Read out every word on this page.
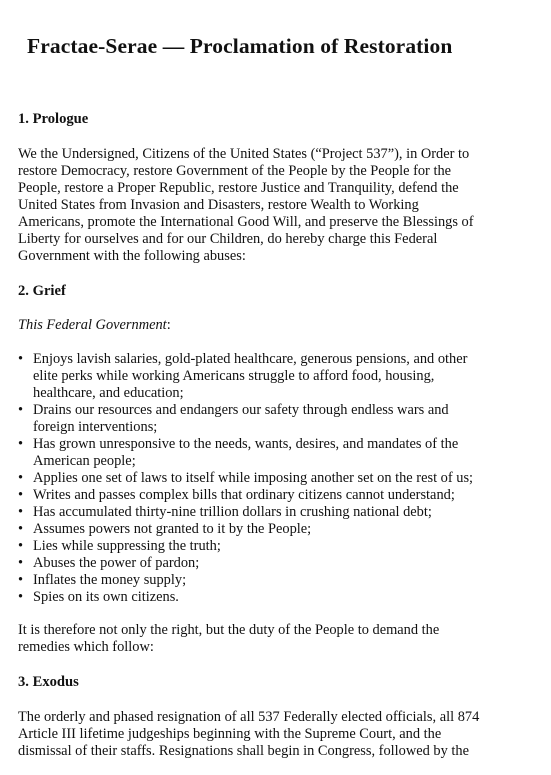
Fractae-Serae — Proclamation of Restoration
1. Prologue

We the Undersigned, Citizens of the United States (“Project 537”), in Order to
restore Democracy, restore Government of the People by the People for the
People, restore a Proper Republic, restore Justice and Tranquility, defend the
United States from Invasion and Disasters, restore Wealth to Working
Americans, promote the International Good Will, and preserve the Blessings of
Liberty for ourselves and for our Children, do hereby charge this Federal
Government with the following abuses:

2. Grief

This Federal Government:

• Enjoys lavish salaries, gold-plated healthcare, generous pensions, and other
elite perks while working Americans struggle to afford food, housing,
healthcare, and education;
• Drains our resources and endangers our safety through endless wars and
foreign interventions;
• Has grown unresponsive to the needs, wants, desires, and mandates of the
American people;
• Applies one set of laws to itself while imposing another set on the rest of us;
• Writes and passes complex bills that ordinary citizens cannot understand;
• Has accumulated thirty-nine trillion dollars in crushing national debt;
• Assumes powers not granted to it by the People;
• Lies while suppressing the truth;
• Abuses the power of pardon;
• Inflates the money supply;
• Spies on its own citizens.

It is therefore not only the right, but the duty of the People to demand the
remedies which follow:

3. Exodus

The orderly and phased resignation of all 537 Federally elected officials, all 874
Article III lifetime judgeships beginning with the Supreme Court, and the
dismissal of their staffs. Resignations shall begin in Congress, followed by the
